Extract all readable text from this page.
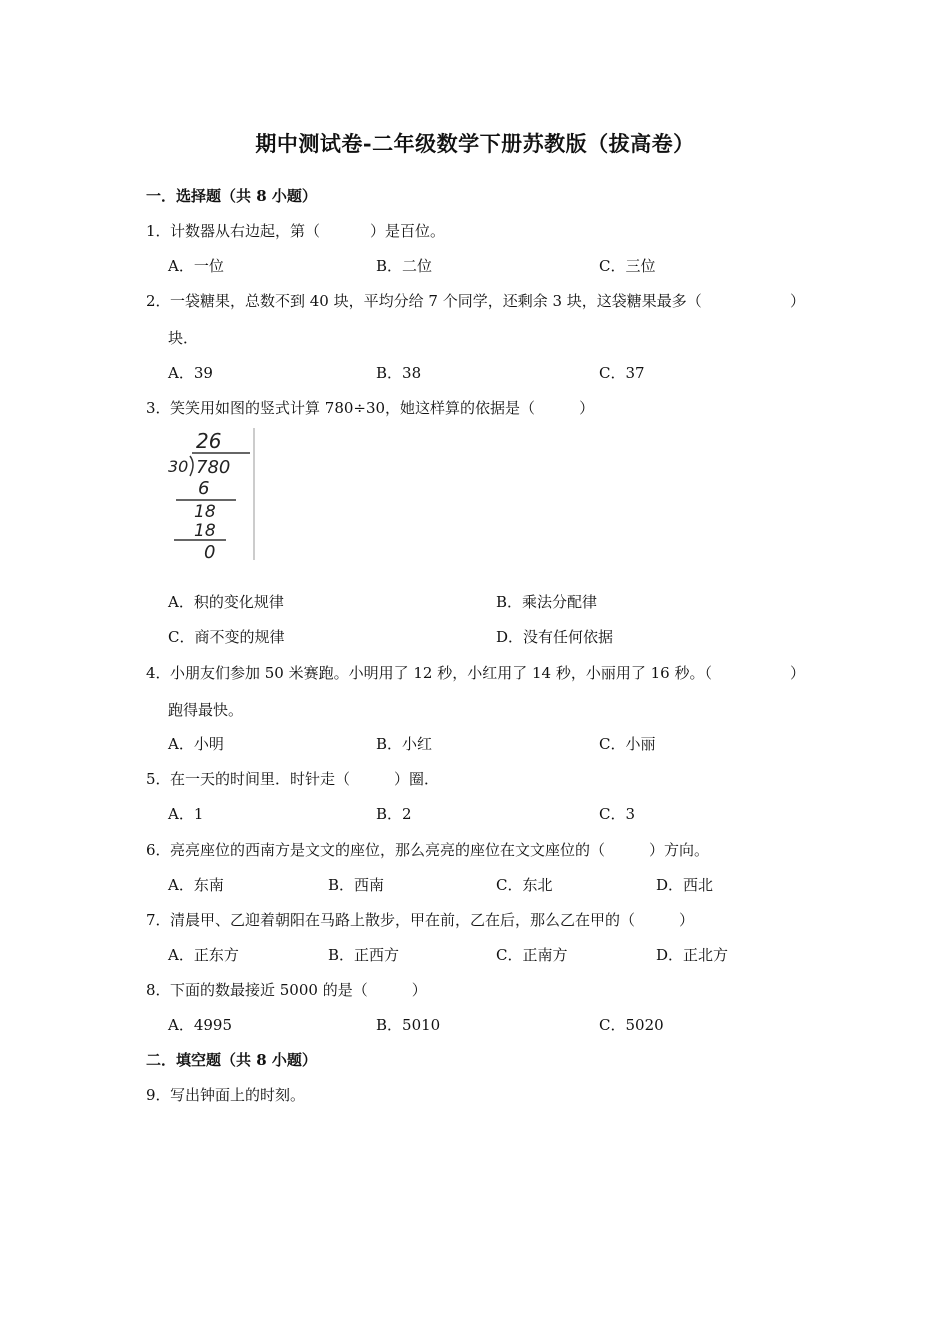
期中测试卷-二年级数学下册苏教版（拔高卷）
一．选择题（共 8 小题）
1．计数器从右边起，第（	）是百位。
A．一位	B．二位	C．三位
2．一袋糖果，总数不到 40 块，平均分给 7 个同学，还剩余 3 块，这袋糖果最多（	）
块．
A．39	B．38	C．37
3．笑笑用如图的竖式计算 780÷30，她这样算的依据是（	）
26
30 780
6
18
18
0
A．积的变化规律	B．乘法分配律
C．商不变的规律	D．没有任何依据
4．小朋友们参加 50 米赛跑。小明用了 12 秒，小红用了 14 秒，小丽用了 16 秒。（	）
跑得最快。
A．小明	B．小红	C．小丽
5．在一天的时间里．时针走（	）圈．
A．1	B．2	C．3
6．亮亮座位的西南方是文文的座位，那么亮亮的座位在文文座位的（	）方向。
A．东南	B．西南	C．东北	D．西北
7．清晨甲、乙迎着朝阳在马路上散步，甲在前，乙在后，那么乙在甲的（	）
A．正东方	B．正西方	C．正南方	D．正北方
8．下面的数最接近 5000 的是（	）
A．4995	B．5010	C．5020
二．填空题（共 8 小题）
9．写出钟面上的时刻。
